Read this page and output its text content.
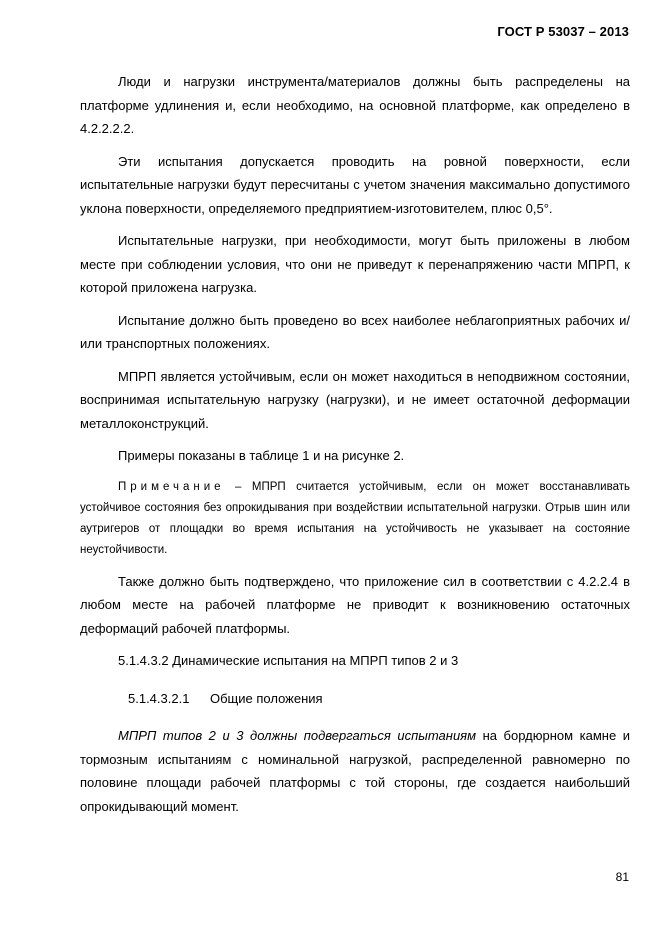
ГОСТ Р 53037 – 2013

Люди и нагрузки инструмента/материалов должны быть распределены на платформе удлинения и, если необходимо, на основной платформе, как определено в 4.2.2.2.2.

Эти испытания допускается проводить на ровной поверхности, если испытательные нагрузки будут пересчитаны с учетом значения максимально допустимого уклона поверхности, определяемого предприятием-изготовителем, плюс 0,5°.

Испытательные нагрузки, при необходимости, могут быть приложены в любом месте при соблюдении условия, что они не приведут к перенапряжению части МПРП, к которой приложена нагрузка.

Испытание должно быть проведено во всех наиболее неблагоприятных рабочих и/или транспортных положениях.

МПРП является устойчивым, если он может находиться в неподвижном состоянии, воспринимая испытательную нагрузку (нагрузки), и не имеет остаточной деформации металлоконструкций.

Примеры показаны в таблице 1 и на рисунке 2.

Примечание – МПРП считается устойчивым, если он может восстанавливать устойчивое состояния без опрокидывания при воздействии испытательной нагрузки. Отрыв шин или аутригеров от площадки во время испытания на устойчивость не указывает на состояние неустойчивости.

Также должно быть подтверждено, что приложение сил в соответствии с 4.2.2.4 в любом месте на рабочей платформе не приводит к возникновению остаточных деформаций рабочей платформы.

5.1.4.3.2 Динамические испытания на МПРП типов 2 и 3

5.1.4.3.2.1 Общие положения

МПРП типов 2 и 3 должны подвергаться испытаниям на бордюрном камне и тормозным испытаниям с номинальной нагрузкой, распределенной равномерно по половине площади рабочей платформы с той стороны, где создается наибольший опрокидывающий момент.

81
